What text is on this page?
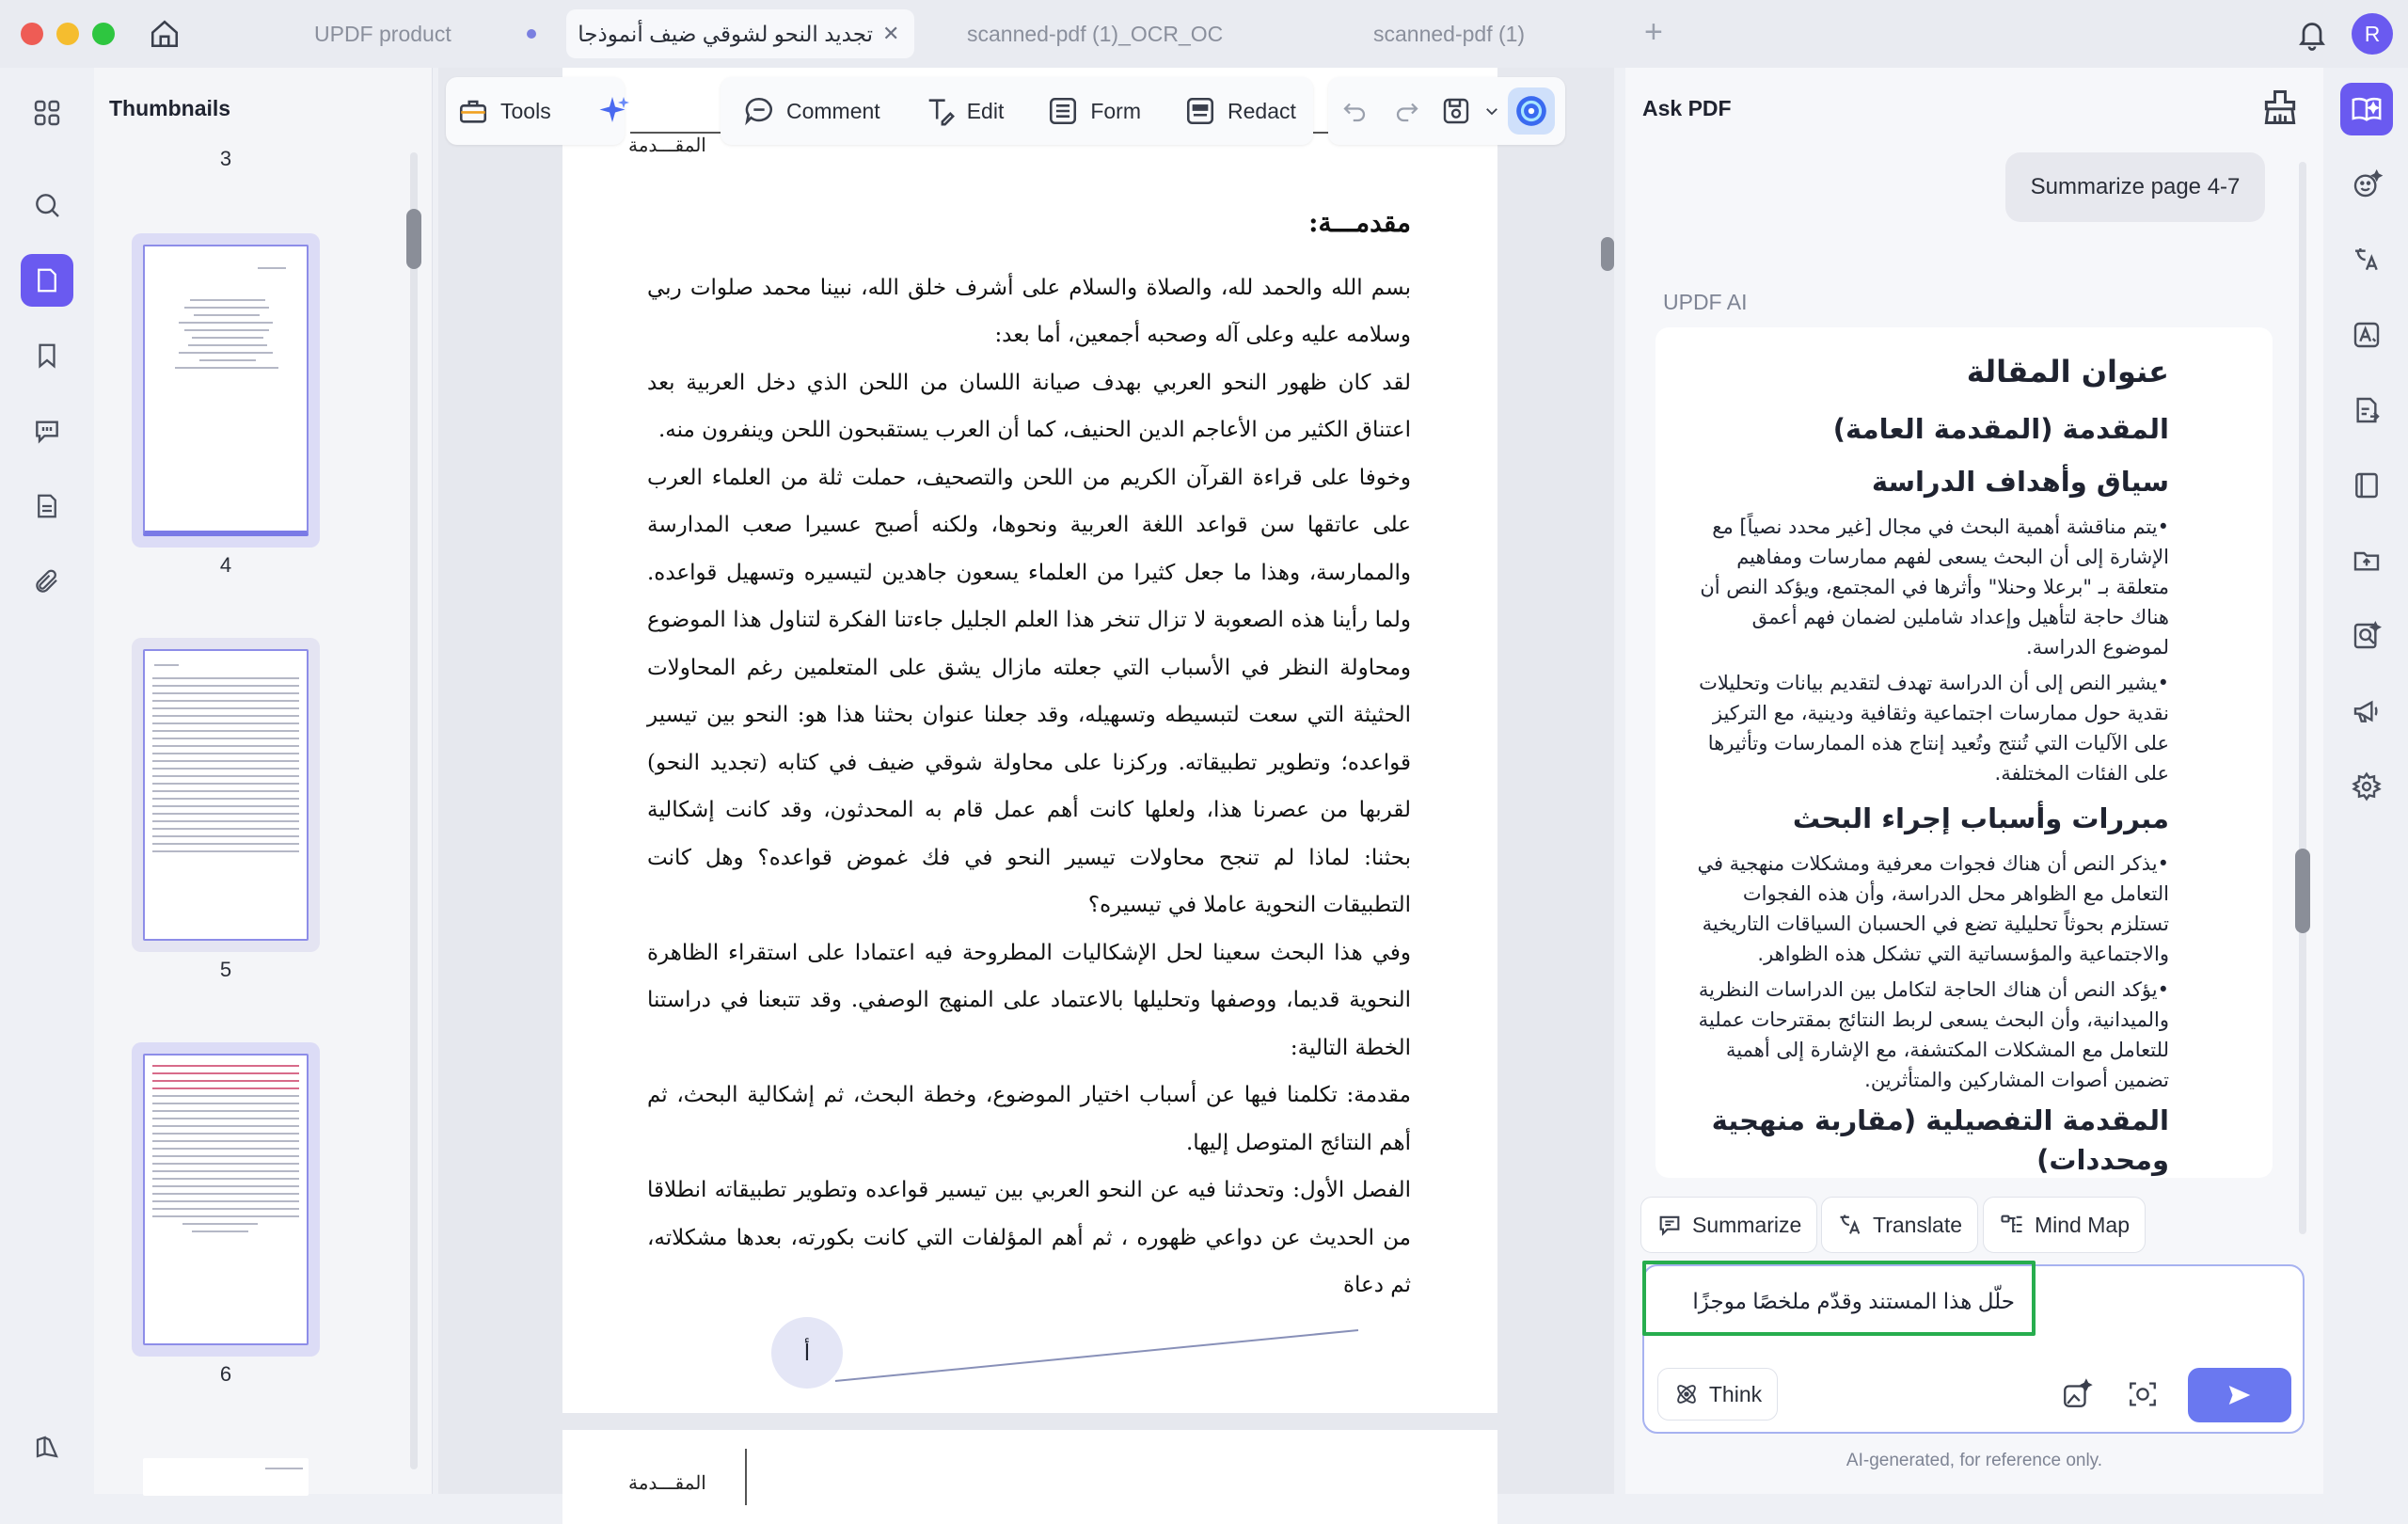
UPDF product	تجديد النحو لشوقي ضيف أنموذجا ✕	scanned-pdf (1)_OCR_OC	scanned-pdf (1)	+	R
Thumbnails
3
4
5
6
المقـــدمة

مقدمـــة:

بسم الله والحمد لله، والصلاة والسلام على أشرف خلق الله، نبينا محمد صلوات ربي وسلامه عليه وعلى آله وصحبه أجمعين، أما بعد:

لقد كان ظهور النحو العربي بهدف صيانة اللسان من اللحن الذي دخل العربية بعد اعتناق الكثير من الأعاجم الدين الحنيف، كما أن العرب يستقبحون اللحن وينفرون منه.

وخوفا على قراءة القرآن الكريم من اللحن والتصحيف، حملت ثلة من العلماء العرب على عاتقها سن قواعد اللغة العربية ونحوها، ولكنه أصبح عسيرا صعب المدارسة والممارسة، وهذا ما جعل كثيرا من العلماء يسعون جاهدين لتيسيره وتسهيل قواعده. ولما رأينا هذه الصعوبة لا تزال تنخر هذا العلم الجليل جاءتنا الفكرة لتناول هذا الموضوع ومحاولة النظر في الأسباب التي جعلته مازال يشق على المتعلمين رغم المحاولات الحثيثة التي سعت لتبسيطه وتسهيله، وقد جعلنا عنوان بحثنا هذا هو: النحو بين تيسير قواعده؛ وتطوير تطبيقاته. وركزنا على محاولة شوقي ضيف في كتابه (تجديد النحو) لقربها من عصرنا هذا، ولعلها كانت أهم عمل قام به المحدثون، وقد كانت إشكالية بحثنا: لماذا لم تنجح محاولات تيسير النحو في فك غموض قواعده؟ وهل كانت التطبيقات النحوية عاملا في تيسيره؟

وفي هذا البحث سعينا لحل الإشكاليات المطروحة فيه اعتمادا على استقراء الظاهرة النحوية قديما، ووصفها وتحليلها بالاعتماد على المنهج الوصفي. وقد تتبعنا في دراستنا الخطة التالية:

مقدمة: تكلمنا فيها عن أسباب اختيار الموضوع، وخطة البحث، ثم إشكالية البحث، ثم أهم النتائج المتوصل إليها.

الفصل الأول: وتحدثنا فيه عن النحو العربي بين تيسير قواعده وتطوير تطبيقاته انطلاقا من الحديث عن دواعي ظهوره ، ثم أهم المؤلفات التي كانت بكورته، بعدها مشكلاته، ثم دعاة

أ
المقـــدمة
Tools	Comment	Edit	Form	Redact	Ask PDF
Summarize page 4-7
UPDF AI
عنوان المقالة
المقدمة (المقدمة العامة)
سياق وأهداف الدراسة
•يتم مناقشة أهمية البحث في مجال [غير محدد نصياً] مع الإشارة إلى أن البحث يسعى لفهم ممارسات ومفاهيم متعلقة بـ "برعلا وحنلا" وأثرها في المجتمع، ويؤكد النص أن هناك حاجة لتأهيل وإعداد شاملين لضمان فهم أعمق لموضوع الدراسة.
•يشير النص إلى أن الدراسة تهدف لتقديم بيانات وتحليلات نقدية حول ممارسات اجتماعية وثقافية ودينية، مع التركيز على الآليات التي تُنتج وتُعيد إنتاج هذه الممارسات وتأثيرها على الفئات المختلفة.
مبررات وأسباب إجراء البحث
•يذكر النص أن هناك فجوات معرفية ومشكلات منهجية في التعامل مع الظواهر محل الدراسة، وأن هذه الفجوات تستلزم بحوثاً تحليلية تضع في الحسبان السياقات التاريخية والاجتماعية والمؤسساتية التي تشكل هذه الظواهر.
•يؤكد النص أن هناك الحاجة لتكامل بين الدراسات النظرية والميدانية، وأن البحث يسعى لربط النتائج بمقترحات عملية للتعامل مع المشكلات المكتشفة، مع الإشارة إلى أهمية تضمين أصوات المشاركين والمتأثرين.
المقدمة التفصيلية (مقاربة منهجية ومحددات)
Summarize	Translate	Mind Map
حلّل هذا المستند وقدّم ملخصًا موجزًا
Think
AI-generated, for reference only.
